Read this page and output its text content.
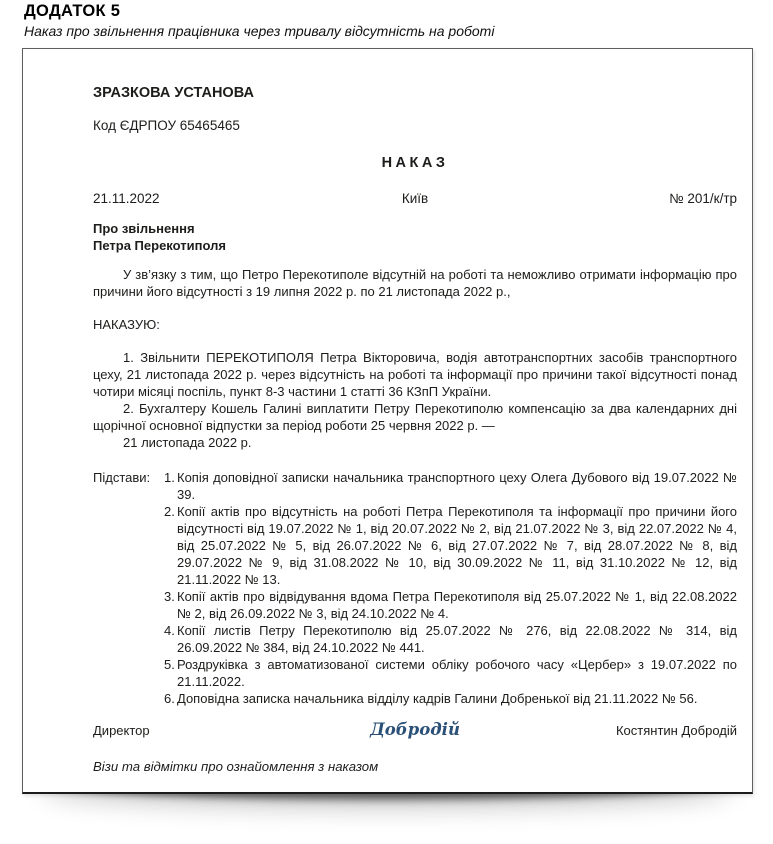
ДОДАТОК 5
Наказ про звільнення працівника через тривалу відсутність на роботі
ЗРАЗКОВА УСТАНОВА
Код ЄДРПОУ 65465465
НАКАЗ
21.11.2022	Київ	№ 201/к/тр
Про звільнення
Петра Перекотиполя

У зв’язку з тим, що Петро Перекотиполе відсутній на роботі та неможливо отримати інформацію про причини його відсутності з 19 липня 2022 р. по 21 листопада 2022 р.,

НАКАЗУЮ:

1. Звільнити ПЕРЕКОТИПОЛЯ Петра Вікторовича, водія автотранспортних засобів транспортного цеху, 21 листопада 2022 р. через відсутність на роботі та інформації про причини такої відсутності понад чотири місяці поспіль, пункт 8-3 частини 1 статті 36 КЗпП України.

2. Бухгалтеру Кошель Галині виплатити Петру Перекотиполю компенсацію за два календарних дні щорічної основної відпустки за період роботи 25 червня 2022 р. —

21 листопада 2022 р.

Підстави:	1. Копія доповідної записки начальника транспортного цеху Олега Дубового від 19.07.2022 № 39.
2. Копії актів про відсутність на роботі Петра Перекотиполя та інформації про причини його відсутності від 19.07.2022 № 1, від 20.07.2022 № 2, від 21.07.2022 № 3, від 22.07.2022 № 4, від 25.07.2022 № 5, від 26.07.2022 № 6, від 27.07.2022 № 7, від 28.07.2022 № 8, від 29.07.2022 № 9, від 31.08.2022 № 10, від 30.09.2022 № 11, від 31.10.2022 № 12, від 21.11.2022 № 13.
3. Копії актів про відвідування вдома Петра Перекотиполя від 25.07.2022 № 1, від 22.08.2022 № 2, від 26.09.2022 № 3, від 24.10.2022 № 4.
4. Копії листів Петру Перекотиполю від 25.07.2022 № 276, від 22.08.2022 № 314, від 26.09.2022 № 384, від 24.10.2022 № 441.
5. Роздруківка з автоматизованої системи обліку робочого часу «Цербер» з 19.07.2022 по 21.11.2022.
6. Доповідна записка начальника відділу кадрів Галини Добренької від 21.11.2022 № 56.
Директор	Добродій	Костянтин Добродій
Візи та відмітки про ознайомлення з наказом
